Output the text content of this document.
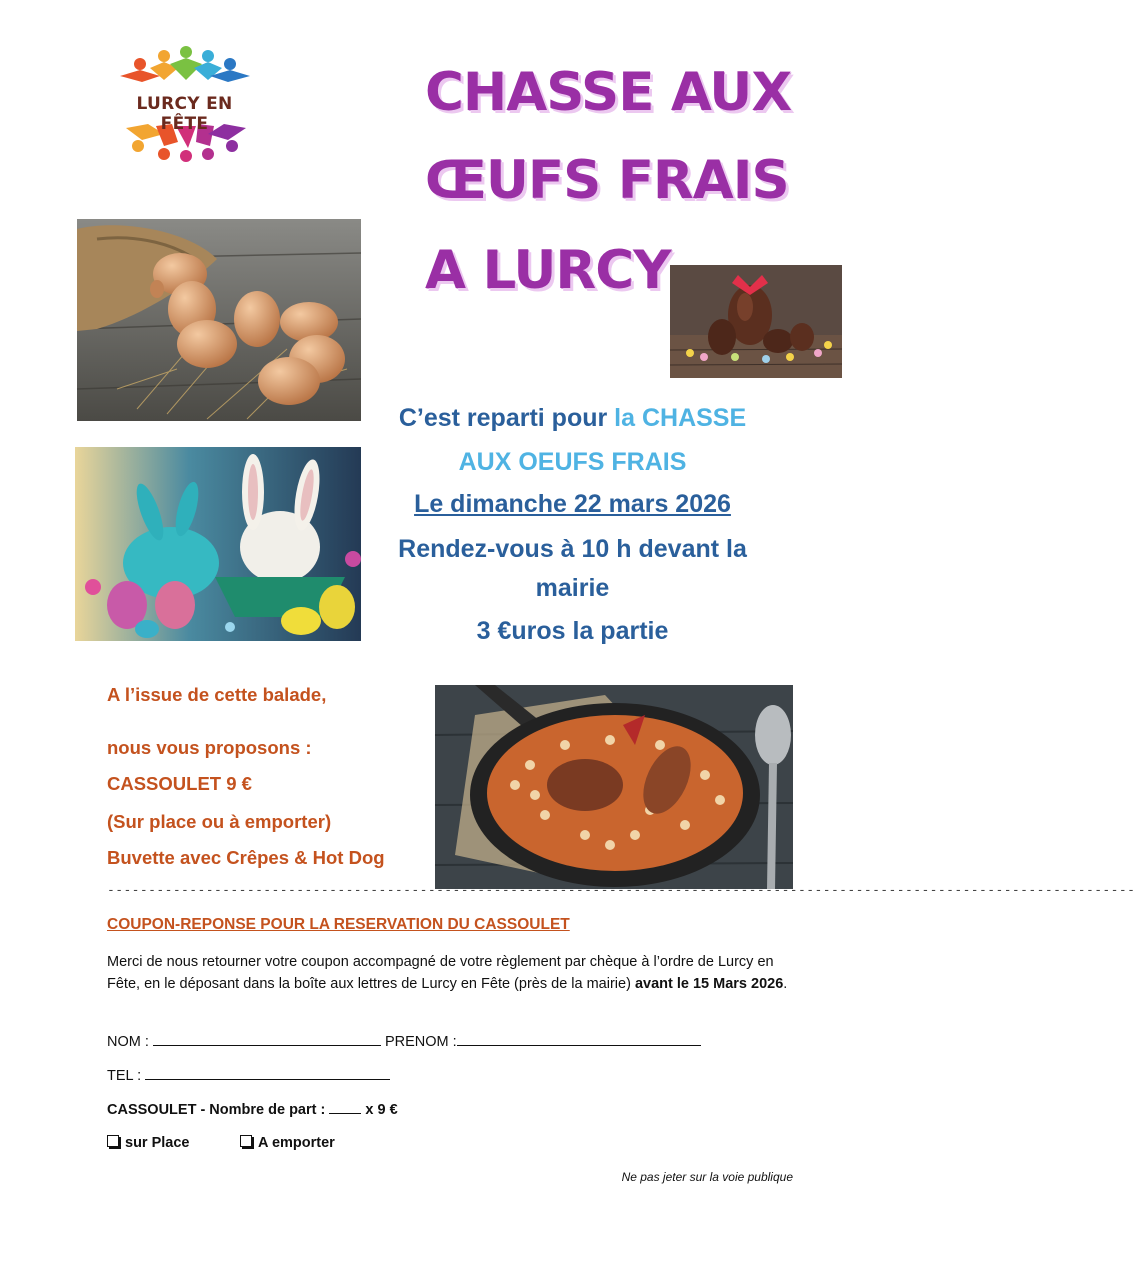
LURCY EN FÊTE
CHASSE AUX
ŒUFS FRAIS
A LURCY
C’est reparti pour la CHASSE
AUX OEUFS FRAIS
Le dimanche 22 mars 2026
Rendez-vous à 10 h devant la
mairie
3 €uros la partie
A l’issue de cette balade,
nous vous proposons :
CASSOULET 9 €
(Sur place ou à emporter)
Buvette avec Crêpes & Hot Dog
-----------------------------------------------------------------------------------------------------------------------------
COUPON-REPONSE POUR LA RESERVATION DU CASSOULET
Merci de nous retourner votre coupon accompagné de votre règlement par chèque à l’ordre de Lurcy en Fête, en le déposant dans la boîte aux lettres de Lurcy en Fête (près de la mairie) avant le 15 Mars 2026.
NOM :	PRENOM :
TEL :
CASSOULET - Nombre de part :  x 9 €
sur Place	A emporter
Ne pas jeter sur la voie publique
